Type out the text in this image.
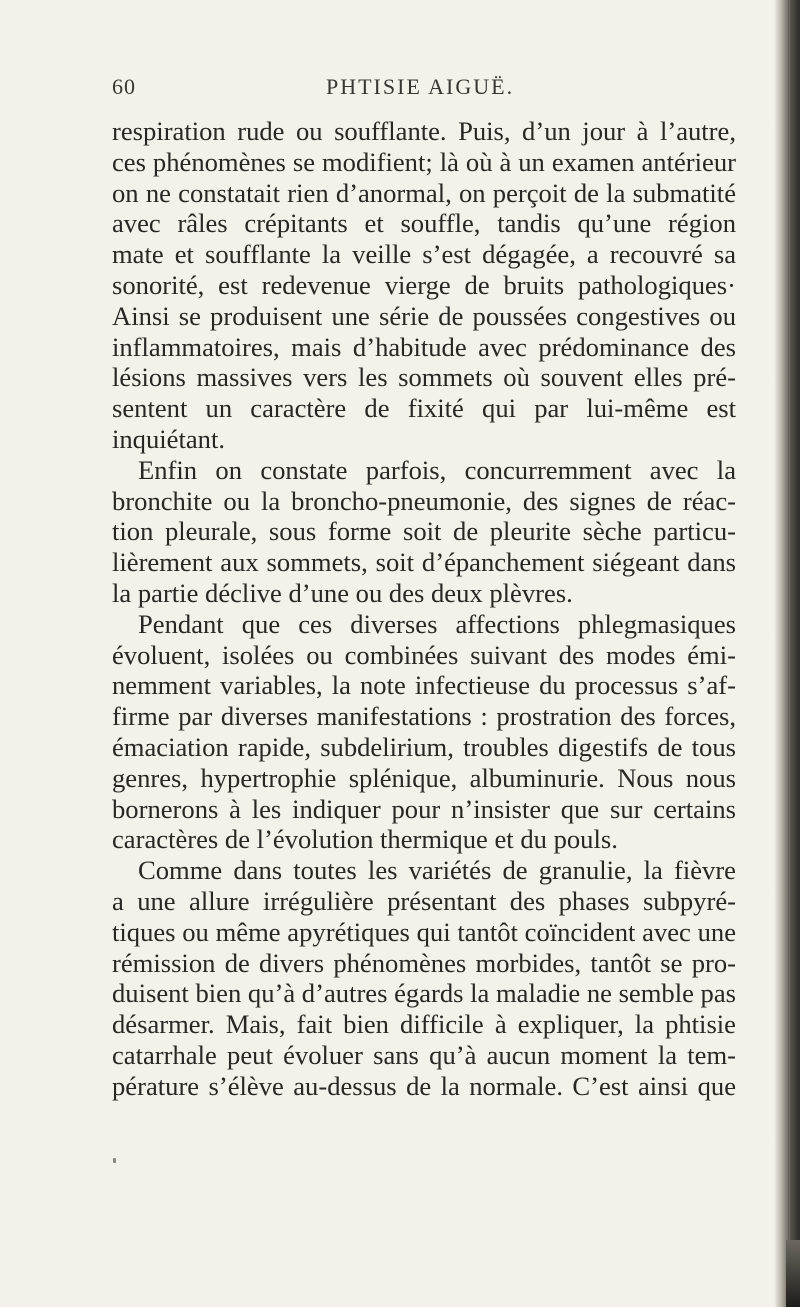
60	PHTISIE AIGUË.
respiration rude ou soufflante. Puis, d’un jour à l’autre,
ces phénomènes se modifient; là où à un examen antérieur
on ne constatait rien d’anormal, on perçoit de la submatité
avec râles crépitants et souffle, tandis qu’une région
mate et soufflante la veille s’est dégagée, a recouvré sa
sonorité, est redevenue vierge de bruits pathologiques·
Ainsi se produisent une série de poussées congestives ou
inflammatoires, mais d’habitude avec prédominance des
lésions massives vers les sommets où souvent elles pré-
sentent un caractère de fixité qui par lui-même est
inquiétant.
Enfin on constate parfois, concurremment avec la
bronchite ou la broncho-pneumonie, des signes de réac-
tion pleurale, sous forme soit de pleurite sèche particu-
lièrement aux sommets, soit d’épanchement siégeant dans
la partie déclive d’une ou des deux plèvres.
Pendant que ces diverses affections phlegmasiques
évoluent, isolées ou combinées suivant des modes émi-
nemment variables, la note infectieuse du processus s’af-
firme par diverses manifestations : prostration des forces,
émaciation rapide, subdelirium, troubles digestifs de tous
genres, hypertrophie splénique, albuminurie. Nous nous
bornerons à les indiquer pour n’insister que sur certains
caractères de l’évolution thermique et du pouls.
Comme dans toutes les variétés de granulie, la fièvre
a une allure irrégulière présentant des phases subpyré-
tiques ou même apyrétiques qui tantôt coïncident avec une
rémission de divers phénomènes morbides, tantôt se pro-
duisent bien qu’à d’autres égards la maladie ne semble pas
désarmer. Mais, fait bien difficile à expliquer, la phtisie
catarrhale peut évoluer sans qu’à aucun moment la tem-
pérature s’élève au-dessus de la normale. C’est ainsi que
